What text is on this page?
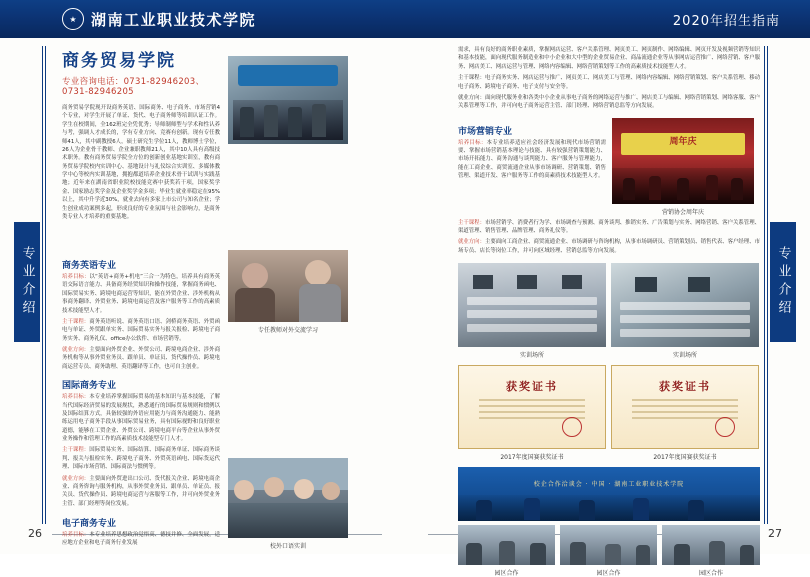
★ 湖南工业职业技术学院	2020年招生指南
专业介绍	专业介绍
26	27
商务贸易学院
专业咨询电话：0731-82946203、0731-82946205
商务贸易学院现开设商务英语、国际商务、电子商务、市场营销4个专业，对学生开展了单证、货代、电子商务师等培训认证工作。学生在校期间，全162班完全凭优秀；导师制师型与学术和性认养与考，强调人才成长的，学有专业方向、竞赛有创新。现有专任教师41人，其中副教授6人，硕士研究生学位11人，教师博士学位，26人为企业骨干教师、企业兼职教师21人，其中10人具有高级技术职务。教有商务贸易学院全方位的创新创业基地实训室，教有商务贸易学院校内实训中心、基地设计与礼仪综合实训室、多媒体教学中心等校内实训基地，拥抱都道培养企业技术骨干试训与实践基地；近年来在湖南省职业院校技能竞赛中获奖若干项，国家奖学金、国家励志奖学金及企业奖学金多项；毕业生就业率稳定在95%以上，其中升学近30%，就业去向有多家上市公司与知名企业；学生创业成功案例多起，形成良好的专业氛围与社会影响力，是商务类专业人才培养的重要基地。
商务英语专业
培养目标：以“英语+商务+机电”三合一为特色，培养具有商务英语交际语言能力、具备商务经贸知识和操作技能，掌握商务函电、国际贸易实务、跨境电商运营等知识，能在外贸企业、涉外机构从事商务翻译、外贸业务、跨境电商运营及客户服务等工作的高素质技术技能型人才。
主干课程：商务英语听说、商务英语口语、剑桥商务英语、外贸函电与单证、外贸跟单实务、国际贸易实务与报关报检、跨境电子商务实务、商务礼仪、office办公软件、市场营销等。
就业方向：主要面向外贸企业、外贸公司、跨境电商企业、涉外商务机构等从事外贸业务员、跟单员、单证员、货代操作员、跨境电商运营专员、商务助理、英语翻译等工作，也可自主创业。
国际商务专业
培养目标：本专业培养掌握国际贸易的基本知识与基本技能，了解当代国际经济贸易的发展规状，熟悉通行的国际贸易规则和惯例以及国际结算方式，具备较强的外语应用能力与商务沟通能力、能熟练运用电子商务手段从事国际贸易业务，具有国际视野和良好职业道德，能够在工贸企业、外贸公司、跨境电商平台等企业从事外贸业务操作和管理工作的高素质技术技能型专门人才。
主干课程：国际贸易实务、国际结算、国际商务单证、国际商务谈判、报关与报检实务、跨境电子商务、外贸英语函电、国际货运代理、国际市场营销、国际商法与惯例等。
就业方向：主要面向外贸进出口公司、货代报关企业、跨境电商企业、商务咨询与服务机构，从事外贸业务员、跟单员、单证员、报关员、货代操作员、跨境电商运营与客服等工作，并可向外贸业务主管、部门经理等岗位发展。
电子商务专业
培养目标：本专业培养思想政治觉悟高、德技并修、全面发展，适应地方企业和电子商务行业发展
专任教师对外交流学习
校外口语实训
需求，具有良好的商务职业素质，掌握网店运营、客户关系管理、网页美工、网页制作、网络编辑、网页开发及视频营销等知识和基本技能，面向现代服务制造业和中小企业和大中型的企业贸易企业、商品流通企业等从事网店运营推广、网络营销、客户服务、网店美工、网店运营与管理、网络内容编辑、网络营销策划等工作的高素质技术技能型人才。
主干课程：电子商务实务、网店运营与推广、网页美工、网店美工与管理、网络内容编辑、网络营销策划、客户关系管理、移动电子商务、跨境电子商务、电子支付与安全等。
就业方向：面向现代服务业和各类中小企业从事电子商务的网络运营与推广、网店美工与编辑、网络营销策划、网络客服、客户关系管理等工作，并可向电子商务运营主管、部门经理、网络营销总监等方向发展。
市场营销专业
培养目标：本专业培养适应社会经济发展和现代市场营销需要、掌握市场营销基本理论与技能、具有较强营销策划能力、市场开拓能力、商务沟通与谈判能力、客户服务与管理能力，能在工商企业、商贸流通企业从事市场调研、营销策划、销售管理、渠道开发、客户服务等工作的高素质技术技能型人才。
周年庆
营销协会周年庆
主干课程：市场营销学、消费者行为学、市场调查与预测、商务谈判、推销实务、广告策划与实务、网络营销、客户关系管理、渠道管理、销售管理、品牌管理、商务礼仪等。
就业方向：主要面向工商企业、商贸流通企业、市场调研与咨询机构，从事市场调研员、营销策划员、销售代表、客户经理、市场专员、店长等岗位工作，并可向区域经理、营销总监等方向发展。
实训场所	实训场所
获奖证书
2017年度国赛获奖证书
获奖证书
2017年度国赛获奖证书
校企合作洽谈会 · 中国 · 湖南工业职业技术学院
园区合作	园区合作	园区合作
